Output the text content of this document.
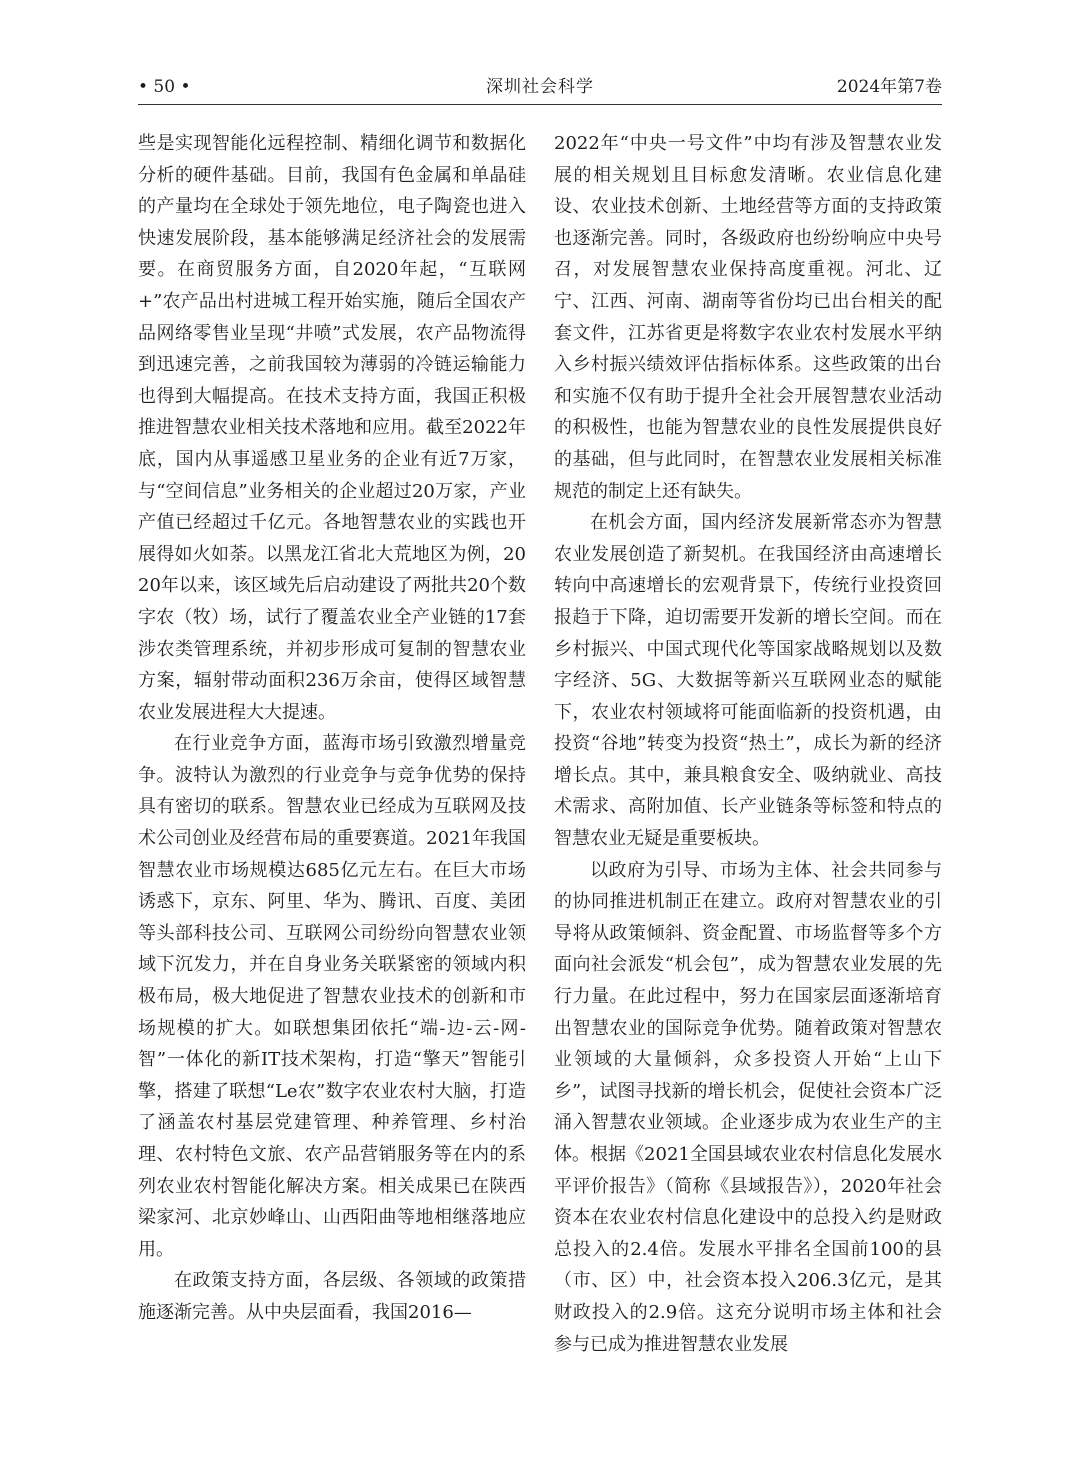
• 50 •	深圳社会科学	2024年第7卷

些是实现智能化远程控制、精细化调节和数据化分析的硬件基础。目前，我国有色金属和单晶硅的产量均在全球处于领先地位，电子陶瓷也进入快速发展阶段，基本能够满足经济社会的发展需要。在商贸服务方面，自2020年起，“互联网+”农产品出村进城工程开始实施，随后全国农产品网络零售业呈现“井喷”式发展，农产品物流得到迅速完善，之前我国较为薄弱的冷链运输能力也得到大幅提高。在技术支持方面，我国正积极推进智慧农业相关技术落地和应用。截至2022年底，国内从事遥感卫星业务的企业有近7万家，与“空间信息”业务相关的企业超过20万家，产业产值已经超过千亿元。各地智慧农业的实践也开展得如火如荼。以黑龙江省北大荒地区为例，2020年以来，该区域先后启动建设了两批共20个数字农（牧）场，试行了覆盖农业全产业链的17套涉农类管理系统，并初步形成可复制的智慧农业方案，辐射带动面积236万余亩，使得区域智慧农业发展进程大大提速。

在行业竞争方面，蓝海市场引致激烈增量竞争。波特认为激烈的行业竞争与竞争优势的保持具有密切的联系。智慧农业已经成为互联网及技术公司创业及经营布局的重要赛道。2021年我国智慧农业市场规模达685亿元左右。在巨大市场诱惑下，京东、阿里、华为、腾讯、百度、美团等头部科技公司、互联网公司纷纷向智慧农业领域下沉发力，并在自身业务关联紧密的领域内积极布局，极大地促进了智慧农业技术的创新和市场规模的扩大。如联想集团依托“端-边-云-网-智”一体化的新IT技术架构，打造“擎天”智能引擎，搭建了联想“Le农”数字农业农村大脑，打造了涵盖农村基层党建管理、种养管理、乡村治理、农村特色文旅、农产品营销服务等在内的系列农业农村智能化解决方案。相关成果已在陕西梁家河、北京妙峰山、山西阳曲等地相继落地应用。

在政策支持方面，各层级、各领域的政策措施逐渐完善。从中央层面看，我国2016—

2022年“中央一号文件”中均有涉及智慧农业发展的相关规划且目标愈发清晰。农业信息化建设、农业技术创新、土地经营等方面的支持政策也逐渐完善。同时，各级政府也纷纷响应中央号召，对发展智慧农业保持高度重视。河北、辽宁、江西、河南、湖南等省份均已出台相关的配套文件，江苏省更是将数字农业农村发展水平纳入乡村振兴绩效评估指标体系。这些政策的出台和实施不仅有助于提升全社会开展智慧农业活动的积极性，也能为智慧农业的良性发展提供良好的基础，但与此同时，在智慧农业发展相关标准规范的制定上还有缺失。

在机会方面，国内经济发展新常态亦为智慧农业发展创造了新契机。在我国经济由高速增长转向中高速增长的宏观背景下，传统行业投资回报趋于下降，迫切需要开发新的增长空间。而在乡村振兴、中国式现代化等国家战略规划以及数字经济、5G、大数据等新兴互联网业态的赋能下，农业农村领域将可能面临新的投资机遇，由投资“谷地”转变为投资“热土”，成长为新的经济增长点。其中，兼具粮食安全、吸纳就业、高技术需求、高附加值、长产业链条等标签和特点的智慧农业无疑是重要板块。

以政府为引导、市场为主体、社会共同参与的协同推进机制正在建立。政府对智慧农业的引导将从政策倾斜、资金配置、市场监督等多个方面向社会派发“机会包”，成为智慧农业发展的先行力量。在此过程中，努力在国家层面逐渐培育出智慧农业的国际竞争优势。随着政策对智慧农业领域的大量倾斜，众多投资人开始“上山下乡”，试图寻找新的增长机会，促使社会资本广泛涌入智慧农业领域。企业逐步成为农业生产的主体。根据《2021全国县域农业农村信息化发展水平评价报告》（简称《县域报告》），2020年社会资本在农业农村信息化建设中的总投入约是财政总投入的2.4倍。发展水平排名全国前100的县（市、区）中，社会资本投入206.3亿元，是其财政投入的2.9倍。这充分说明市场主体和社会参与已成为推进智慧农业发展
